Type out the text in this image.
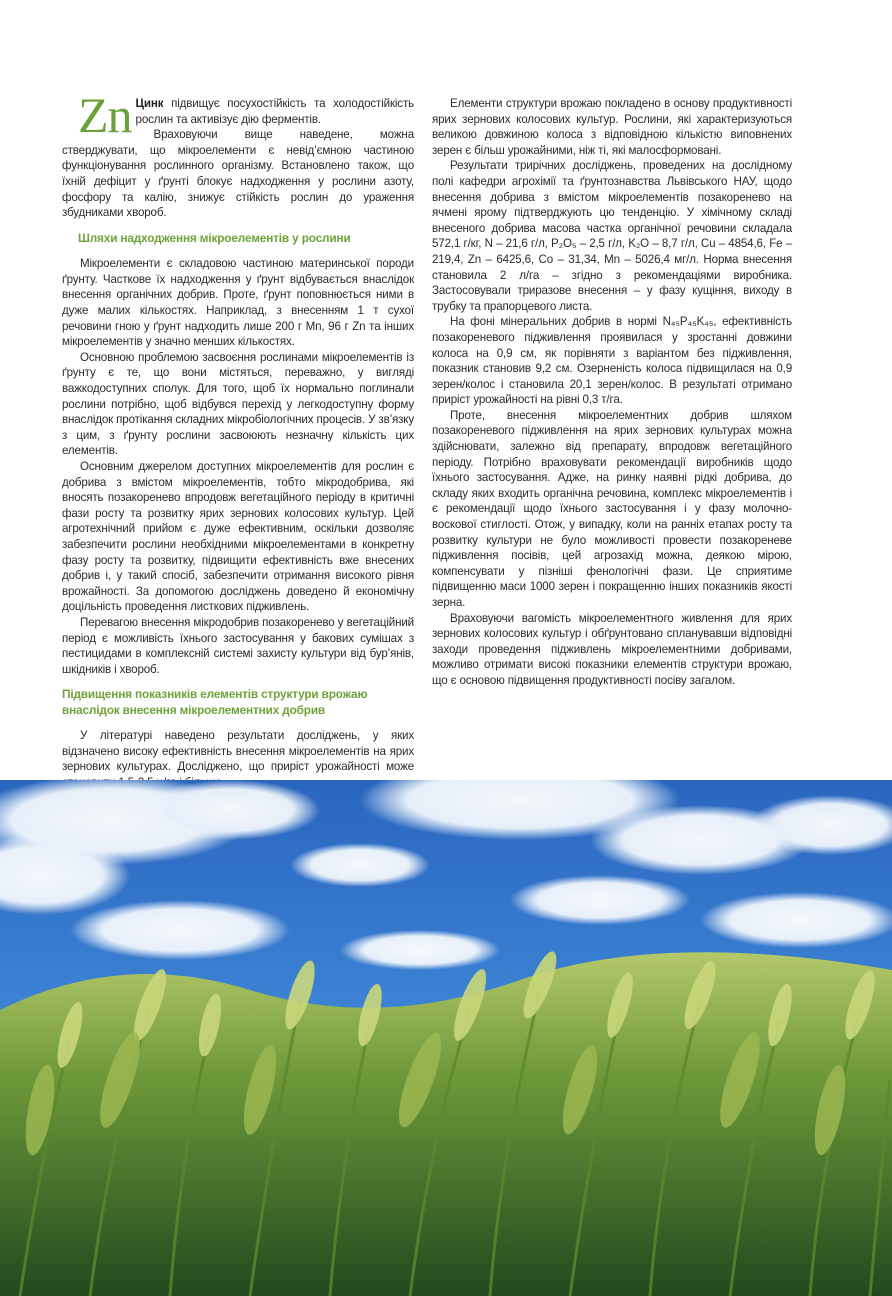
Zn Цинк підвищує посухостійкість та холодостійкість рослин та активізує дію ферментів.

Враховуючи вище наведене, можна стверджувати, що мікроелементи є невід’ємною частиною функціонування рослинного організму. Встановлено також, що їхній дефіцит у ґрунті блокує надходження у рослини азоту, фосфору та калію, знижує стійкість рослин до ураження збудниками хвороб.

Шляхи надходження мікроелементів у рослини

Мікроелементи є складовою частиною материнської породи ґрунту. Часткове їх надходження у ґрунт відбувається внаслідок внесення органічних добрив. Проте, ґрунт поповнюється ними в дуже малих кількостях. Наприклад, з внесенням 1 т сухої речовини гною у ґрунт надходить лише 200 г Mn, 96 г Zn та інших мікроелементів у значно менших кількостях.

Основною проблемою засвоєння рослинами мікроелементів із ґрунту є те, що вони містяться, переважно, у вигляді важкодоступних сполук. Для того, щоб їх нормально поглинали рослини потрібно, щоб відбувся перехід у легкодоступну форму внаслідок протікання складних мікробіологічних процесів. У зв’язку з цим, з ґрунту рослини засвоюють незначну кількість цих елементів.

Основним джерелом доступних мікроелементів для рослин є добрива з вмістом мікроелементів, тобто мікродобрива, які вносять позакоренево впродовж вегетаційного періоду в критичні фази росту та розвитку ярих зернових колосових культур. Цей агротехнічний прийом є дуже ефективним, оскільки дозволяє забезпечити рослини необхідними мікроелементами в конкретну фазу росту та розвитку, підвищити ефективність вже внесених добрив і, у такий спосіб, забезпечити отримання високого рівня врожайності. За допомогою досліджень доведено й економічну доцільність проведення листкових підживлень.

Перевагою внесення мікродобрив позакоренево у вегетаційний період є можливість їхнього застосування у бакових сумішах з пестицидами в комплексній системі захисту культури від бур’янів, шкідників і хвороб.

Підвищення показників елементів структури врожаю внаслідок внесення мікроелементних добрив

У літературі наведено результати досліджень, у яких відзначено високу ефективність внесення мікроелементів на ярих зернових культурах. Досліджено, що приріст урожайності може

Елементи структури врожаю покладено в основу продуктивності ярих зернових колосових культур. Рослини, які характеризуються великою довжиною колоса з відповідною кількістю виповнених зерен є більш урожайними, ніж ті, які малосформовані.

Результати трирічних досліджень, проведених на дослідному полі кафедри агрохімії та ґрунтознавства Львівського НАУ, щодо внесення добрива з вмістом мікроелементів позакоренево на ячмені ярому підтверджують цю тенденцію. У хімічному складі внесеного добрива масова частка органічної речовини складала 572,1 г/кг, N – 21,6 г/л, P₂O₅ – 2,5 г/л, K₂O – 8,7 г/л, Cu – 4854,6, Fe – 219,4, Zn – 6425,6, Co – 31,34, Mn – 5026,4 мг/л. Норма внесення становила 2 л/га – згідно з рекомендаціями виробника. Застосовували триразове внесення – у фазу кущіння, виходу в трубку та прапорцевого листа.

На фоні мінеральних добрив в нормі N₄₅P₄₅K₄₅, ефективність позакореневого підживлення проявилася у зростанні довжини колоса на 0,9 см, як порівняти з варіантом без підживлення, показник становив 9,2 см. Озерненість колоса підвищилася на 0,9 зерен/колос і становила 20,1 зерен/колос. В результаті отримано приріст урожайності на рівні 0,3 т/га.

Проте, внесення мікроелементних добрив шляхом позакореневого підживлення на ярих зернових культурах можна здійснювати, залежно від препарату, впродовж вегетаційного періоду. Потрібно враховувати рекомендації виробників щодо їхнього застосування. Адже, на ринку наявні рідкі добрива, до складу яких входить органічна речовина, комплекс мікроелементів і є рекомендації щодо їхнього застосування і у фазу молочно-воскової стиглості. Отож, у випадку, коли на ранніх етапах росту та розвитку культури не було можливості провести позакореневе підживлення посівів, цей агрозахід можна, деякою мірою, компенсувати у пізніші фенологічні фази. Це сприятиме підвищенню маси 1000 зерен і покращенню інших показників якості зерна.

Враховуючи вагомість мікроелементного живлення для ярих зернових колосових культур і обґрунтовано спланувавши відповідні заходи проведення підживлень мікроелементними добривами, можливо отримати високі показники елементів структури врожаю, що є основою підвищення продуктивності посіву загалом.
